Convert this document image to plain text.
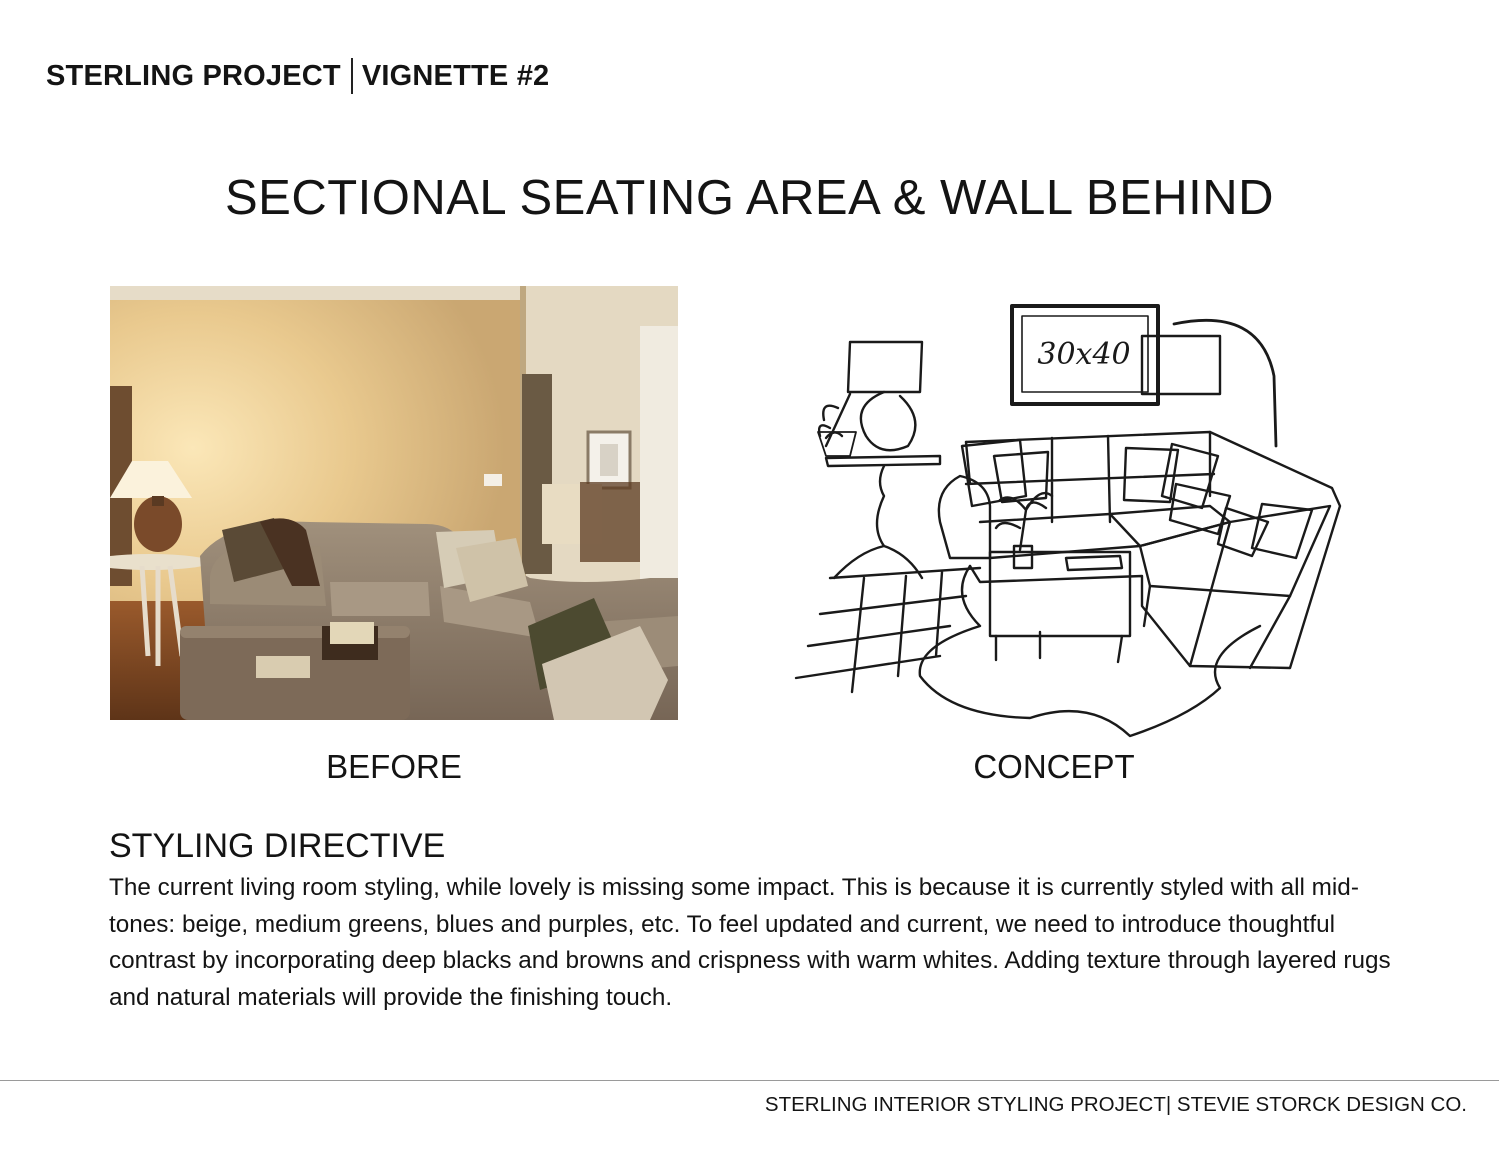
STERLING PROJECT VIGNETTE #2
SECTIONAL SEATING AREA & WALL BEHIND
30x40
BEFORE	CONCEPT
STYLING DIRECTIVE
The current living room styling, while lovely is missing some impact. This is because it is currently styled with all mid-tones: beige, medium greens, blues and purples, etc. To feel updated and current, we need to introduce thoughtful contrast by incorporating deep blacks and browns and crispness with warm whites. Adding texture through layered rugs and natural materials will provide the finishing touch.
STERLING INTERIOR STYLING PROJECT| STEVIE STORCK DESIGN CO.
